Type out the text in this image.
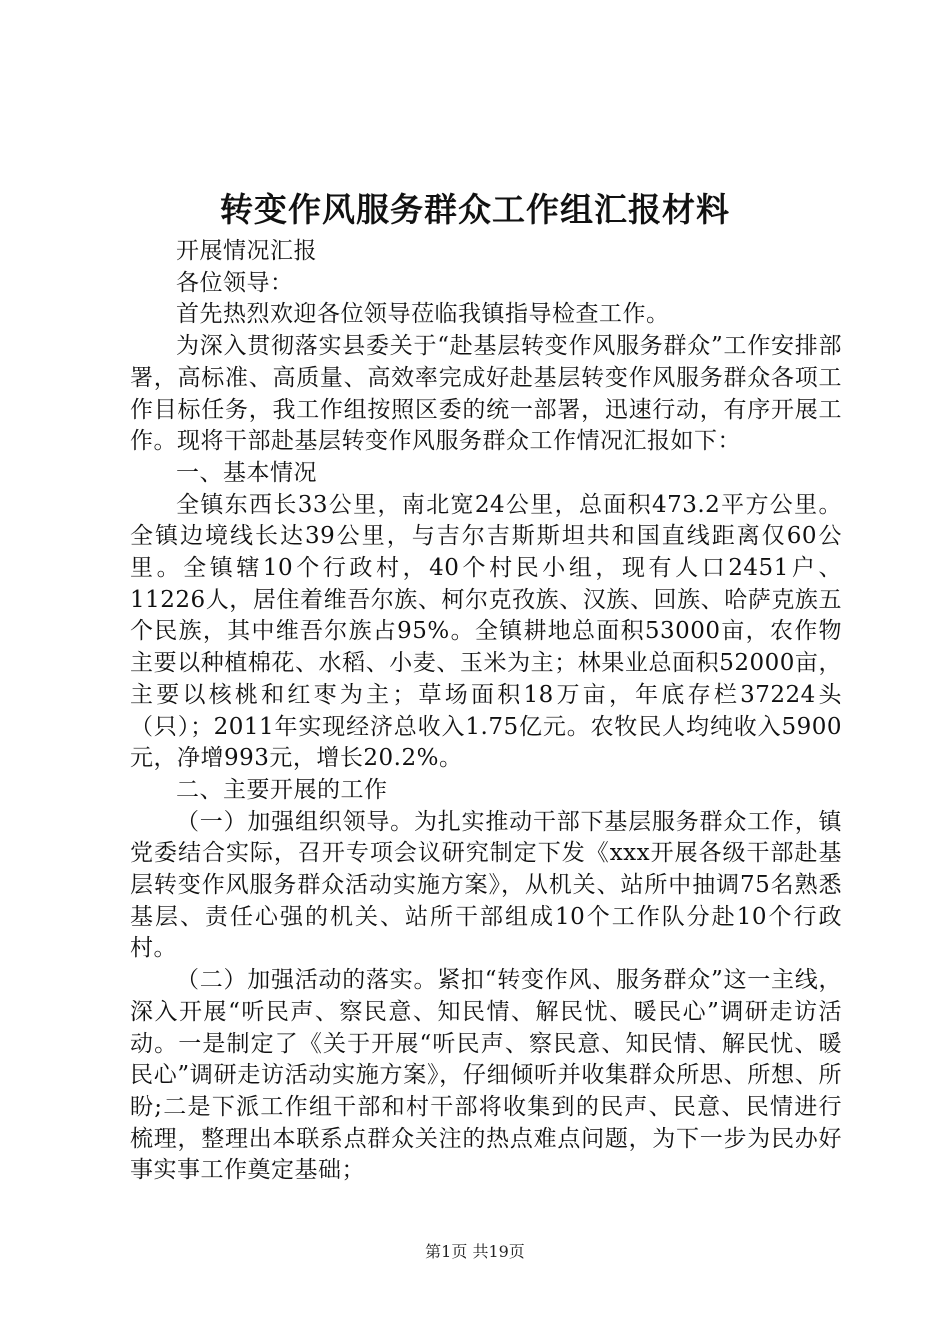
转变作风服务群众工作组汇报材料

开展情况汇报

各位领导：

首先热烈欢迎各位领导莅临我镇指导检查工作。

为深入贯彻落实县委关于“赴基层转变作风服务群众”工作安排部署，高标准、高质量、高效率完成好赴基层转变作风服务群众各项工作目标任务，我工作组按照区委的统一部署，迅速行动，有序开展工作。现将干部赴基层转变作风服务群众工作情况汇报如下：

一、基本情况

全镇东西长33公里，南北宽24公里，总面积473.2平方公里。全镇边境线长达39公里，与吉尔吉斯斯坦共和国直线距离仅60公里。全镇辖10个行政村，40个村民小组，现有人口2451户、11226人，居住着维吾尔族、柯尔克孜族、汉族、回族、哈萨克族五个民族，其中维吾尔族占95%。全镇耕地总面积53000亩，农作物主要以种植棉花、水稻、小麦、玉米为主；林果业总面积52000亩，主要以核桃和红枣为主；草场面积18万亩，年底存栏37224头（只）；2011年实现经济总收入1.75亿元。农牧民人均纯收入5900元，净增993元，增长20.2%。

二、主要开展的工作

（一）加强组织领导。为扎实推动干部下基层服务群众工作，镇党委结合实际，召开专项会议研究制定下发《xxx开展各级干部赴基层转变作风服务群众活动实施方案》，从机关、站所中抽调75名熟悉基层、责任心强的机关、站所干部组成10个工作队分赴10个行政村。

（二）加强活动的落实。紧扣“转变作风、服务群众”这一主线，深入开展“听民声、察民意、知民情、解民忧、暖民心”调研走访活动。一是制定了《关于开展“听民声、察民意、知民情、解民忧、暖民心”调研走访活动实施方案》，仔细倾听并收集群众所思、所想、所盼;二是下派工作组干部和村干部将收集到的民声、民意、民情进行梳理，整理出本联系点群众关注的热点难点问题，为下一步为民办好事实事工作奠定基础；

第1页 共19页
